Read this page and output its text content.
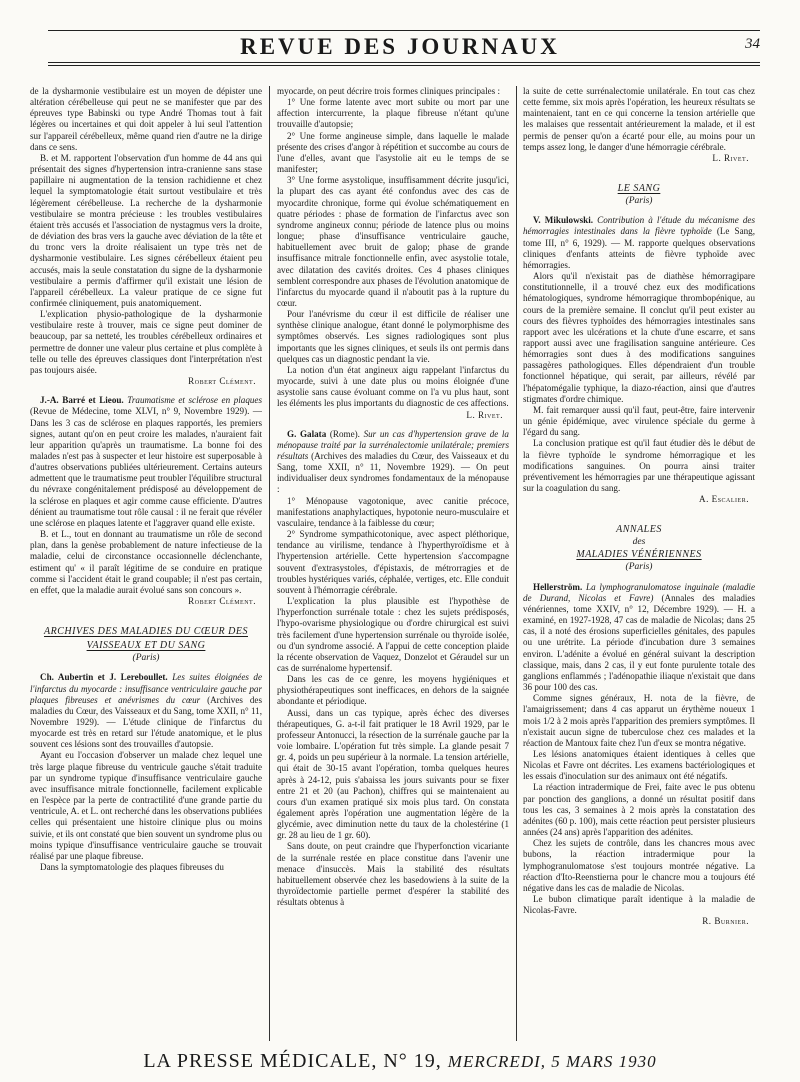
REVUE DES JOURNAUX	34

de la dysharmonie vestibulaire est un moyen de dépister une altération cérébelleuse qui peut ne se manifester que par des épreuves type Babinski ou type André Thomas tout à fait légères ou incertaines et qui doit appeler à lui seul l'attention sur l'appareil cérébelleux, même quand rien d'autre ne la dirige dans ce sens.

B. et M. rapportent l'observation d'un homme de 44 ans qui présentait des signes d'hypertension intra-cranienne sans stase papillaire ni augmentation de la tension rachidienne et chez lequel la symptomatologie était surtout vestibulaire et très légèrement cérébelleuse. La recherche de la dysharmonie vestibulaire se montra précieuse : les troubles vestibulaires étaient très accusés et l'association de nystagmus vers la droite, de déviation des bras vers la gauche avec déviation de la tête et du tronc vers la droite réalisaient un type très net de dysharmonie vestibulaire. Les signes cérébelleux étaient peu accusés, mais la seule constatation du signe de la dysharmonie vestibulaire a permis d'affirmer qu'il existait une lésion de l'appareil cérébelleux. La valeur pratique de ce signe fut confirmée cliniquement, puis anatomiquement.

L'explication physio-pathologique de la dysharmonie vestibulaire reste à trouver, mais ce signe peut dominer de beaucoup, par sa netteté, les troubles cérébelleux ordinaires et permettre de donner une valeur plus certaine et plus complète à telle ou telle des épreuves classiques dont l'interprétation n'est pas toujours aisée.

Robert Clément.

J.-A. Barré et Lieou. Traumatisme et sclérose en plaques (Revue de Médecine, tome XLVI, n° 9, Novembre 1929). — Dans les 3 cas de sclérose en plaques rapportés, les premiers signes, autant qu'on en peut croire les malades, n'auraient fait leur apparition qu'après un traumatisme. La bonne foi des malades n'est pas à suspecter et leur histoire est superposable à d'autres observations publiées ultérieurement. Certains auteurs admettent que le traumatisme peut troubler l'équilibre structural du névraxe congénitalement prédisposé au développement de la sclérose en plaques et agir comme cause efficiente. D'autres dénient au traumatisme tout rôle causal : il ne ferait que révéler une sclérose en plaques latente et l'aggraver quand elle existe.

B. et L., tout en donnant au traumatisme un rôle de second plan, dans la genèse probablement de nature infectieuse de la maladie, celui de circonstance occasionnelle déclenchante, estiment qu' « il paraît légitime de se conduire en pratique comme si l'accident était le grand coupable; il n'est pas certain, en effet, que la maladie aurait évolué sans son concours ».

Robert Clément.
ARCHIVES DES MALADIES DU CŒUR DES VAISSEAUX ET DU SANG
(Paris)

Ch. Aubertin et J. Lereboullet. Les suites éloignées de l'infarctus du myocarde : insuffisance ventriculaire gauche par plaques fibreuses et anévrismes du cœur (Archives des maladies du Cœur, des Vaisseaux et du Sang, tome XXII, n° 11, Novembre 1929). — L'étude clinique de l'infarctus du myocarde est très en retard sur l'étude anatomique, et le plus souvent ces lésions sont des trouvailles d'autopsie.

Ayant eu l'occasion d'observer un malade chez lequel une très large plaque fibreuse du ventricule gauche s'était traduite par un syndrome typique d'insuffisance ventriculaire gauche avec insuffisance mitrale fonctionnelle, facilement explicable en l'espèce par la perte de contractilité d'une grande partie du ventricule, A. et L. ont recherché dans les observations publiées celles qui présentaient une histoire clinique plus ou moins suivie, et ils ont constaté que bien souvent un syndrome plus ou moins typique d'insuffisance ventriculaire gauche se trouvait réalisé par une plaque fibreuse.

Dans la symptomatologie des plaques fibreuses du

myocarde, on peut décrire trois formes cliniques principales :

1° Une forme latente avec mort subite ou mort par une affection intercurrente, la plaque fibreuse n'étant qu'une trouvaille d'autopsie;

2° Une forme angineuse simple, dans laquelle le malade présente des crises d'angor à répétition et succombe au cours de l'une d'elles, avant que l'asystolie ait eu le temps de se manifester;

3° Une forme asystolique, insuffisamment décrite jusqu'ici, la plupart des cas ayant été confondus avec des cas de myocardite chronique, forme qui évolue schématiquement en quatre périodes : phase de formation de l'infarctus avec son syndrome angineux connu; période de latence plus ou moins longue; phase d'insuffisance ventriculaire gauche, habituellement avec bruit de galop; phase de grande insuffisance mitrale fonctionnelle enfin, avec asystolie totale, avec dilatation des cavités droites. Ces 4 phases cliniques semblent correspondre aux phases de l'évolution anatomique de l'infarctus du myocarde quand il n'aboutit pas à la rupture du cœur.

Pour l'anévrisme du cœur il est difficile de réaliser une synthèse clinique analogue, étant donné le polymorphisme des symptômes observés. Les signes radiologiques sont plus importants que les signes cliniques, et seuls ils ont permis dans quelques cas un diagnostic pendant la vie.

La notion d'un état angineux aigu rappelant l'infarctus du myocarde, suivi à une date plus ou moins éloignée d'une asystolie sans cause évoluant comme on l'a vu plus haut, sont les éléments les plus importants du diagnostic de ces affections.

L. Rivet.

G. Galata (Rome). Sur un cas d'hypertension grave de la ménopause traité par la surrénalectomie unilatérale; premiers résultats (Archives des maladies du Cœur, des Vaisseaux et du Sang, tome XXII, n° 11, Novembre 1929). — On peut individualiser deux syndromes fondamentaux de la ménopause :

1° Ménopause vagotonique, avec canitie précoce, manifestations anaphylactiques, hypotonie neuro-musculaire et vasculaire, tendance à la faiblesse du cœur;

2° Syndrome sympathicotonique, avec aspect pléthorique, tendance au virilisme, tendance à l'hyperthyroïdisme et à l'hypertension artérielle. Cette hypertension s'accompagne souvent d'extrasystoles, d'épistaxis, de métrorragies et de troubles hystériques variés, céphalée, vertiges, etc. Elle conduit souvent à l'hémorragie cérébrale.

L'explication la plus plausible est l'hypothèse de l'hyperfonction surrénale totale : chez les sujets prédisposés, l'hypo-ovarisme physiologique ou d'ordre chirurgical est suivi très facilement d'une hypertension surrénale ou thyroïde isolée, ou d'un syndrome associé. A l'appui de cette conception plaide la récente observation de Vaquez, Donzelot et Géraudel sur un cas de surrénalome hypertensif.

Dans les cas de ce genre, les moyens hygiéniques et physiothérapeutiques sont inefficaces, en dehors de la saignée abondante et périodique.

Aussi, dans un cas typique, après échec des diverses thérapeutiques, G. a-t-il fait pratiquer le 18 Avril 1929, par le professeur Antonucci, la résection de la surrénale gauche par la voie lombaire. L'opération fut très simple. La glande pesait 7 gr. 4, poids un peu supérieur à la normale. La tension artérielle, qui était de 30-15 avant l'opération, tomba quelques heures après à 24-12, puis s'abaissa les jours suivants pour se fixer entre 21 et 20 (au Pachon), chiffres qui se maintenaient au cours d'un examen pratiqué six mois plus tard. On constata également après l'opération une augmentation légère de la glycémie, avec diminution nette du taux de la cholestérine (1 gr. 28 au lieu de 1 gr. 60).

Sans doute, on peut craindre que l'hyperfonction vicariante de la surrénale restée en place constitue dans l'avenir une menace d'insuccès. Mais la stabilité des résultats habituellement observée chez les basedowiens à la suite de la thyroïdectomie partielle permet d'espérer la stabilité des résultats obtenus à

la suite de cette surrénalectomie unilatérale. En tout cas chez cette femme, six mois après l'opération, les heureux résultats se maintenaient, tant en ce qui concerne la tension artérielle que les malaises que ressentait antérieurement la malade, et il est permis de penser qu'on a écarté pour elle, au moins pour un temps assez long, le danger d'une hémorragie cérébrale.

L. Rivet.
LE SANG
(Paris)

V. Mikulowski. Contribution à l'étude du mécanisme des hémorragies intestinales dans la fièvre typhoïde (Le Sang, tome III, n° 6, 1929). — M. rapporte quelques observations cliniques d'enfants atteints de fièvre typhoïde avec hémorragies.

Alors qu'il n'existait pas de diathèse hémorragipare constitutionnelle, il a trouvé chez eux des modifications hématologiques, syndrome hémorragique thrombopénique, au cours de la première semaine. Il conclut qu'il peut exister au cours des fièvres typhoïdes des hémorragies intestinales sans rapport avec les ulcérations et la chute d'une escarre, et sans rapport aussi avec une fragilisation sanguine antérieure. Ces hémorragies sont dues à des modifications sanguines passagères pathologiques. Elles dépendraient d'un trouble fonctionnel hépatique, qui serait, par ailleurs, révélé par l'hépatomégalie typhique, la diazo-réaction, ainsi que d'autres stigmates d'ordre chimique.

M. fait remarquer aussi qu'il faut, peut-être, faire intervenir un génie épidémique, avec virulence spéciale du germe à l'égard du sang.

La conclusion pratique est qu'il faut étudier dès le début de la fièvre typhoïde le syndrome hémorragique et les modifications sanguines. On pourra ainsi traiter préventivement les hémorragies par une thérapeutique agissant sur la coagulation du sang.

A. Escalier.
ANNALES
des
MALADIES VÉNÉRIENNES
(Paris)

Hellerström. La lymphogranulomatose inguinale (maladie de Durand, Nicolas et Favre) (Annales des maladies vénériennes, tome XXIV, n° 12, Décembre 1929). — H. a examiné, en 1927-1928, 47 cas de maladie de Nicolas; dans 25 cas, il a noté des érosions superficielles génitales, des papules ou une urétrite. La période d'incubation dure 3 semaines environ. L'adénite a évolué en général suivant la description classique, mais, dans 2 cas, il y eut fonte purulente totale des ganglions enflammés ; l'adénopathie iliaque n'existait que dans 36 pour 100 des cas.

Comme signes généraux, H. nota de la fièvre, de l'amaigrissement; dans 4 cas apparut un érythème noueux 1 mois 1/2 à 2 mois après l'apparition des premiers symptômes. Il n'existait aucun signe de tuberculose chez ces malades et la réaction de Mantoux faite chez l'un d'eux se montra négative.

Les lésions anatomiques étaient identiques à celles que Nicolas et Favre ont décrites. Les examens bactériologiques et les essais d'inoculation sur des animaux ont été négatifs.

La réaction intradermique de Frei, faite avec le pus obtenu par ponction des ganglions, a donné un résultat positif dans tous les cas, 3 semaines à 2 mois après la constatation des adénites (60 p. 100), mais cette réaction peut persister plusieurs années (24 ans) après l'apparition des adénites.

Chez les sujets de contrôle, dans les chancres mous avec bubons, la réaction intradermique pour la lymphogranulomatose s'est toujours montrée négative. La réaction d'Ito-Reenstierna pour le chancre mou a toujours été négative dans les cas de maladie de Nicolas.

Le bubon climatique paraît identique à la maladie de Nicolas-Favre.

R. Burnier.
LA PRESSE MÉDICALE, N° 19, MERCREDI, 5 MARS 1930
